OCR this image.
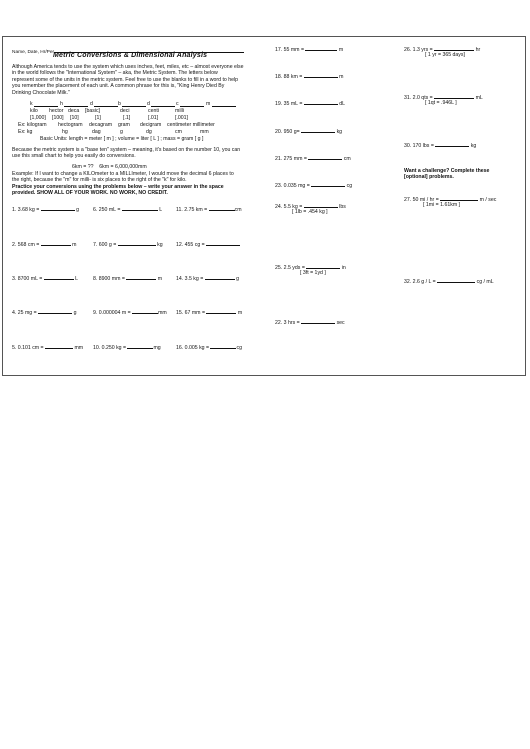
Name, Date, Hr/Per
Metric Conversions & Dimensional Analysis
Although America tends to use the system which uses inches, feet, miles, etc – almost everyone else
in the world follows the "International System" – aka, the Metric System. The letters below
represent some of the units in the metric system. Feel free to use the blanks to fill in a word to help
you remember the placement of each unit. A common phrase for this is, "King Henry Died By
Drinking Chocolate Milk."
k	h	d	b	d	c	m
kilo hector deca [basic]	deci	centi	milli
[1,000] [100] [10]	[1]	[.1]	[.01]	[.001]
Ex: kilogram hectogram decagram gram decigram centimeter millimeter
Ex: kg	hg	dag	g	dg	cm	mm
Basic Units: length = meter [ m ] ; volume = liter [ L ] ; mass = gram [ g ]
Because the metric system is a "base ten" system – meaning, it's based on the number 10, you can
use this small chart to help you easily do conversions.
6km = ??    6km = 6,000,000mm
Example: If I want to change a KILOmeter to a MILLImeter, I would move the decimal 6 places to
the right, because the "m" for milli- is six places to the right of the "k" for kilo.
Practice your conversions using the problems below – write your answer in the space
provided. SHOW ALL OF YOUR WORK. NO WORK, NO CREDIT.
1. 3.68 kg =	g	6. 250 mL =	L	11. 2.75 km =	cm
2. 568 cm =	m	7. 600 g =	kg	12. 455 cg =
3. 8700 mL =	L	8. 8900 mm =	m	14. 3.5 kg =	g
4. 25 mg =	g	9. 0.000004 m =	mm 15. 67 mm =	m
5. 0.101 cm =	mm 10. 0.250 kg =	mg	16. 0.005 kg =	cg
17. 55 mm =	m
18. 88 km =	m
19. 35 mL =	dL
20. 950 g=	kg
21. 275 mm =	cm
23. 0.035 mg =	cg
24. 5.5 kg =	lbs
[ 1lb = .454 kg ]
25. 2.5 yds =	in
[ 3ft = 1yd ]
22. 3 hrs =	sec
26. 1.3 yrs =	hr
[ 1 yr = 365 days]
31. 2.0 qts =	mL
[ 1qt = .946L ]
30. 170 lbs =	kg
Want a challenge? Complete these
[optional] problems.
27. 50 mi / hr =	m / sec
[ 1mi = 1.61km ]
32. 2.6 g / L =	cg / mL
